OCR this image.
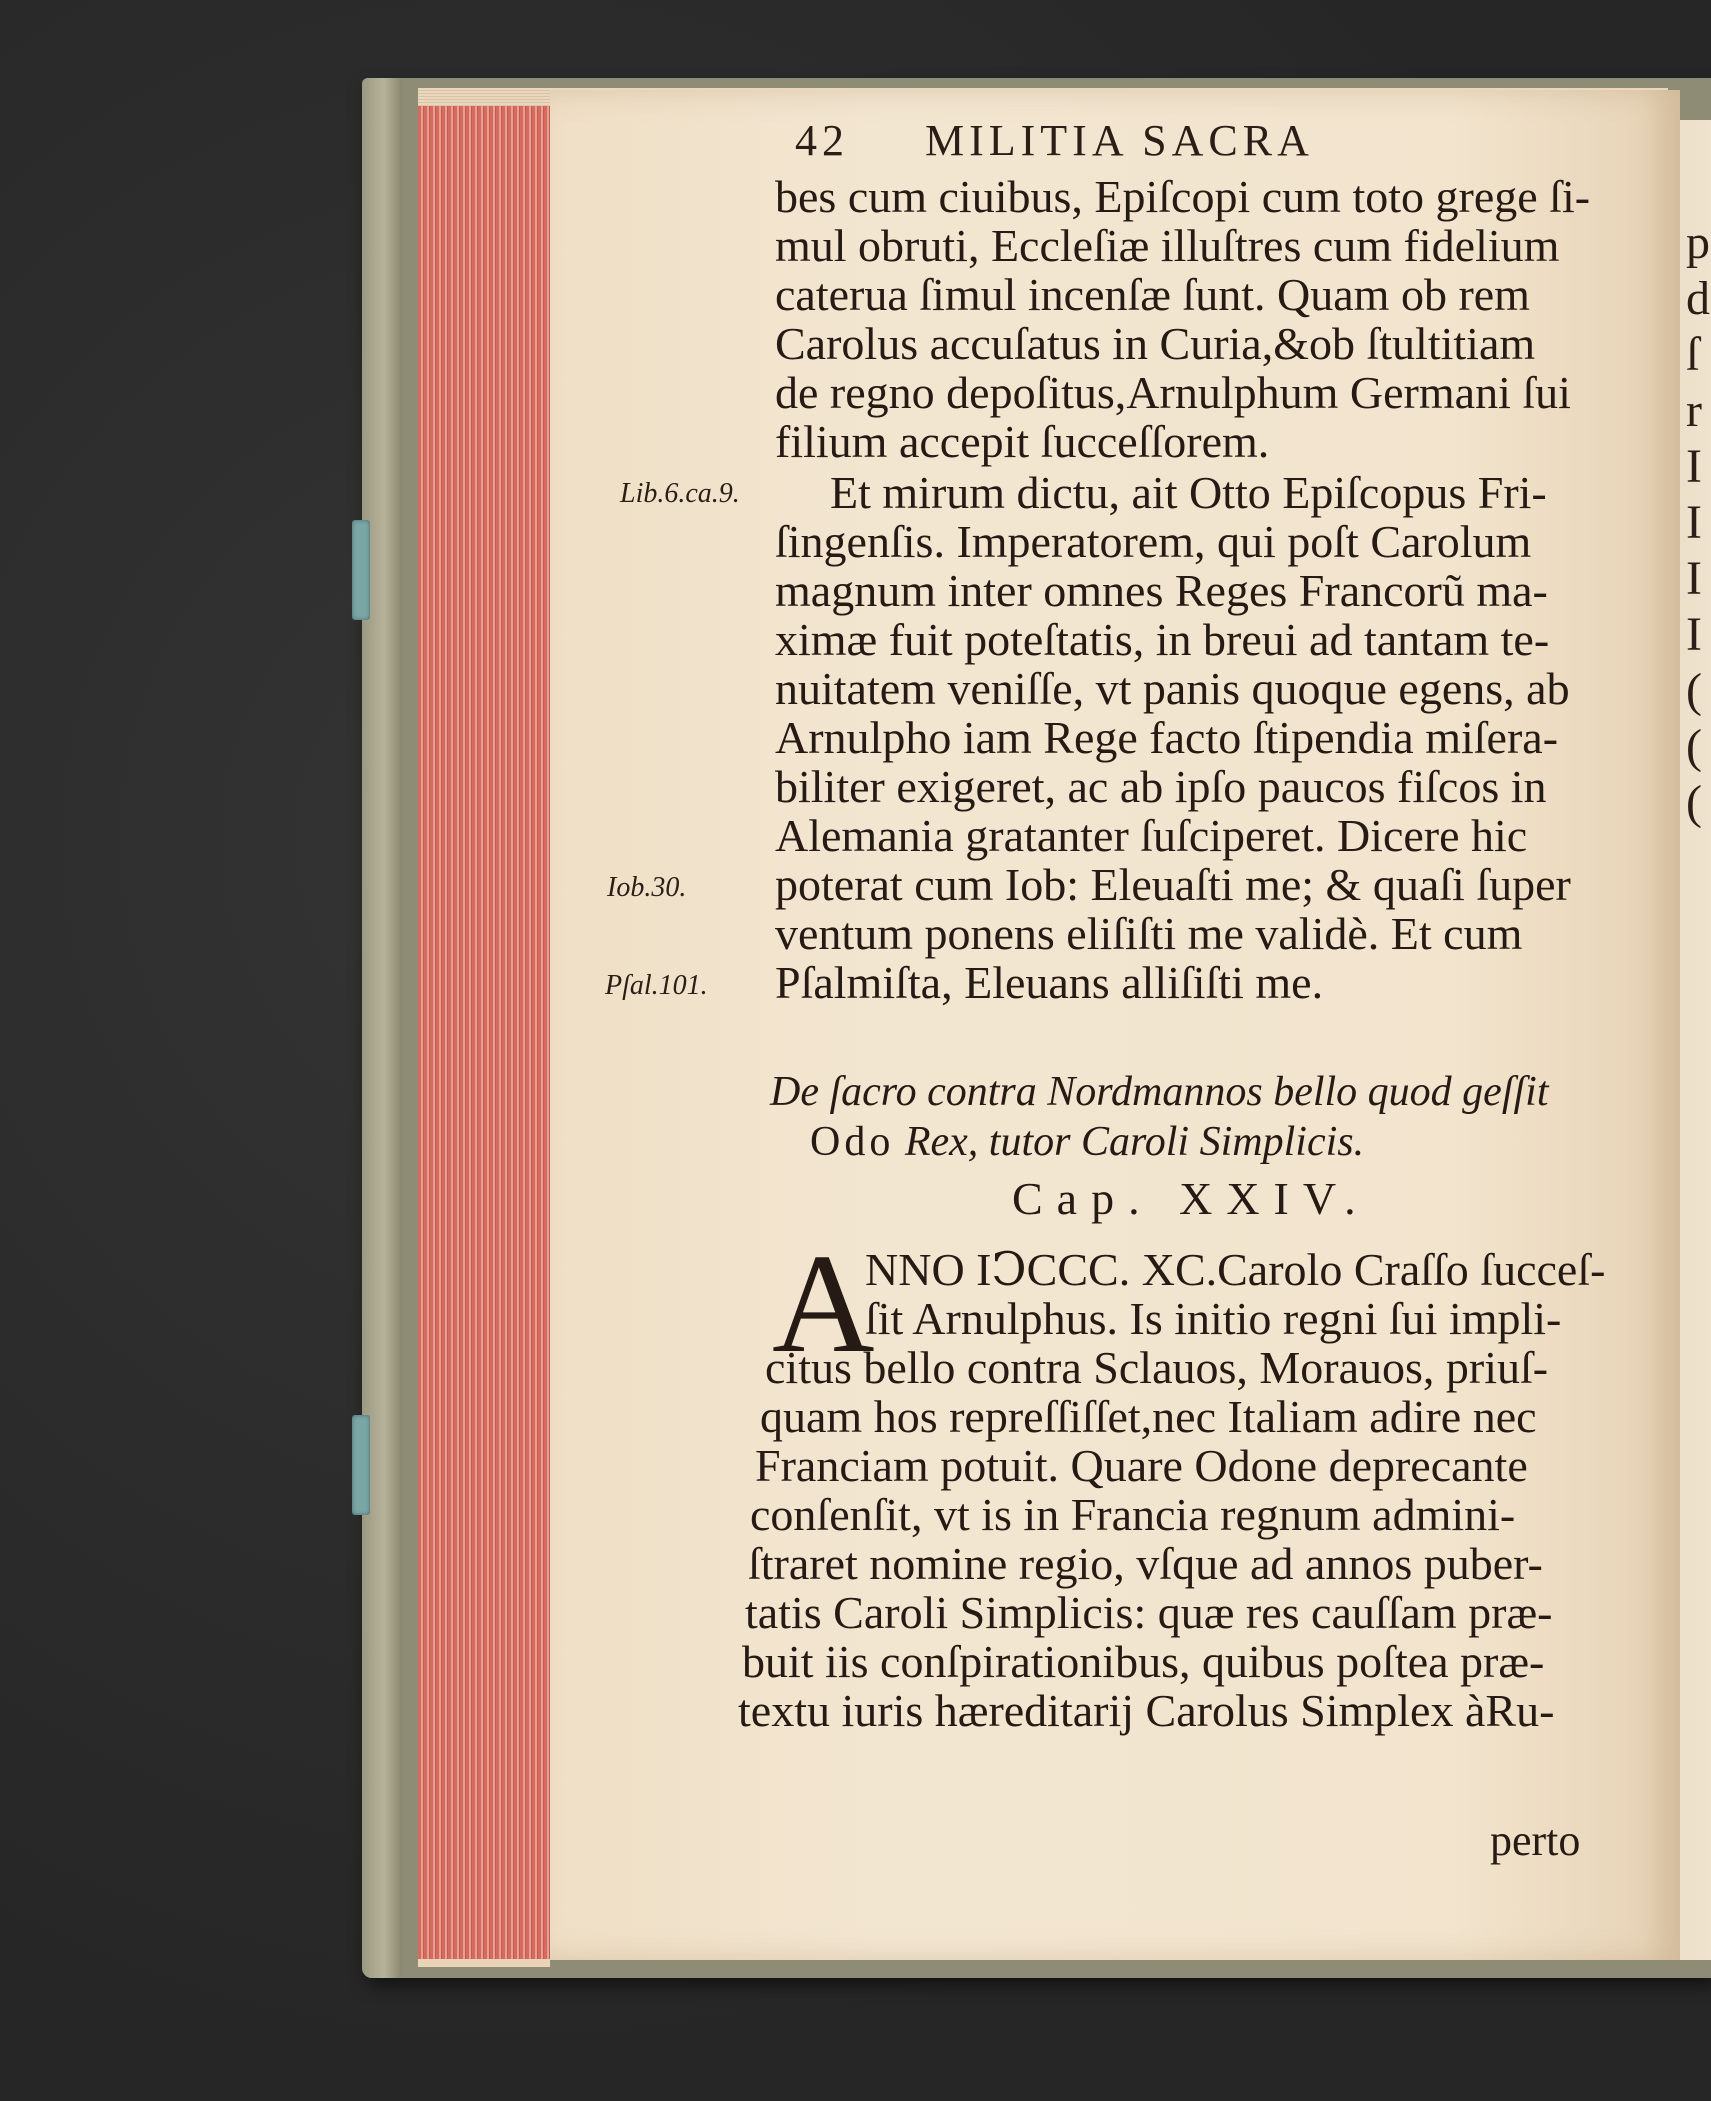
p
d
ſ
r
I
I
I
I
(
(
(
42 MILITIA SACRA
bes cum ciuibus, Epiſcopi cum toto grege ſi-
mul obruti, Eccleſiæ illuſtres cum fidelium
caterua ſimul incenſæ ſunt. Quam ob rem
Carolus accuſatus in Curia,&ob ſtultitiam
de regno depoſitus,Arnulphum Germani ſui
filium accepit ſucceſſorem.
Et mirum dictu, ait Otto Epiſcopus Fri-
ſingenſis. Imperatorem, qui poſt Carolum
magnum inter omnes Reges Francorũ ma-
ximæ fuit poteſtatis, in breui ad tantam te-
nuitatem veniſſe, vt panis quoque egens, ab
Arnulpho iam Rege facto ſtipendia miſera-
biliter exigeret, ac ab ipſo paucos fiſcos in
Alemania gratanter ſuſciperet. Dicere hic
poterat cum Iob: Eleuaſti me; & quaſi ſuper
ventum ponens eliſiſti me validè. Et cum
Pſalmiſta, Eleuans alliſiſti me.
Lib.6.ca.9.
Iob.30.
Pſal.101.
De ſacro contra Nordmannos bello quod geſſit
Odo Rex, tutor Caroli Simplicis.
Cap. XXIV.
A
NNO IↃCCC. XC.Carolo Craſſo ſucceſ-
ſit Arnulphus. Is initio regni ſui impli-
citus bello contra Sclauos, Morauos, priuſ-
quam hos repreſſiſſet,nec Italiam adire nec
Franciam potuit. Quare Odone deprecante
conſenſit, vt is in Francia regnum admini-
ſtraret nomine regio, vſque ad annos puber-
tatis Caroli Simplicis: quæ res cauſſam præ-
buit iis conſpirationibus, quibus poſtea præ-
textu iuris hæreditarij Carolus Simplex àRu-
perto
